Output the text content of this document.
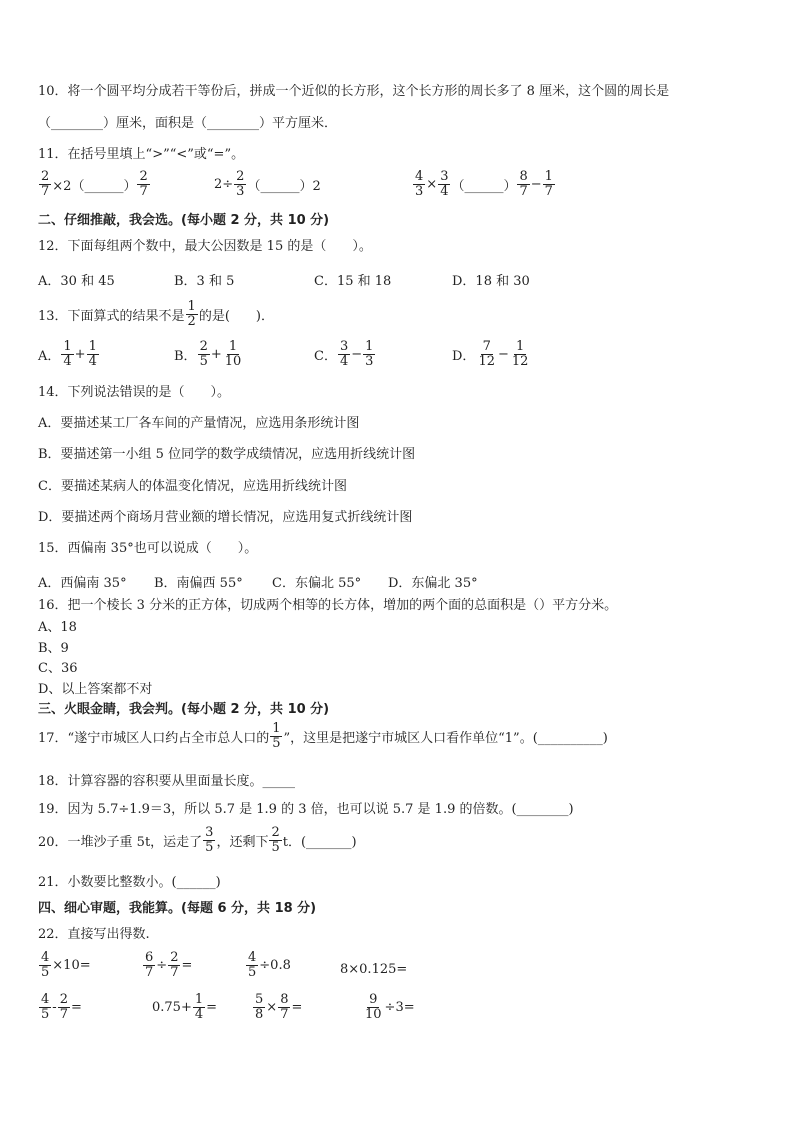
10．将一个圆平均分成若干等份后，拼成一个近似的长方形，这个长方形的周长多了 8 厘米，这个圆的周长是
（________）厘米，面积是（________）平方厘米．
11．在括号里填上“>”“<”或“=”。
$\frac{2}{7}$ ×2（______） $\frac{2}{7}$	$2\div \frac{2}{3}$ （______）2	$\frac{4}{3} \times \frac{3}{4}$ （______） $\frac{8}{7} - \frac{1}{7}$
二、仔细推敲，我会选。(每小题 2 分，共 10 分)
12．下面每组两个数中，最大公因数是 15 的是（　　）。
A．30 和 45	B．3 和 5	C．15 和 18	D．18 和 30
13．下面算式的结果不是 $\frac{1}{2}$ 的是(　　)．
A． $\frac{1}{4} + \frac{1}{4}$	B． $\frac{2}{5} + \frac{1}{10}$	C． $\frac{3}{4} - \frac{1}{3}$	D． $\frac{7}{12} - \frac{1}{12}$
14．下列说法错误的是（　　）。
A．要描述某工厂各车间的产量情况，应选用条形统计图
B．要描述第一小组 5 位同学的数学成绩情况，应选用折线统计图
C．要描述某病人的体温变化情况，应选用折线统计图
D．要描述两个商场月营业额的增长情况，应选用复式折线统计图
15．西偏南 35°也可以说成（　　）。
A．西偏南 35° B．南偏西 55° C．东偏北 55° D．东偏北 35°
16．把一个棱长 3 分米的正方体，切成两个相等的长方体，增加的两个面的总面积是（）平方分米。
A、18
B、9
C、36
D、以上答案都不对
三、火眼金睛，我会判。(每小题 2 分，共 10 分)
17．“遂宁市城区人口约占全市总人口的 $\frac{1}{5}$ ”，这里是把遂宁市城区人口看作单位“1”。(__________)
18．计算容器的容积要从里面量长度。_____
19．因为 5.7÷1.9＝3，所以 5.7 是 1.9 的 3 倍，也可以说 5.7 是 1.9 的倍数。(________)
20．一堆沙子重 5t，运走了 $\frac{3}{5}$ ，还剩下 $\frac{2}{5}$ t．(_______)
21．小数要比整数小。(______)
四、细心审题，我能算。(每题 6 分，共 18 分)
22．直接写出得数.
$\frac{4}{5} \times 10=$	$\frac{6}{7} \div \frac{2}{7}$ =	$\frac{4}{5} \div 0.8$	8×0.125=
$\frac{4}{5} - \frac{2}{7}$ =	$0.75+ \frac{1}{4}$ =	$\frac{5}{8} \times \frac{8}{7}$ =	$\frac{9}{10} \div 3=$
